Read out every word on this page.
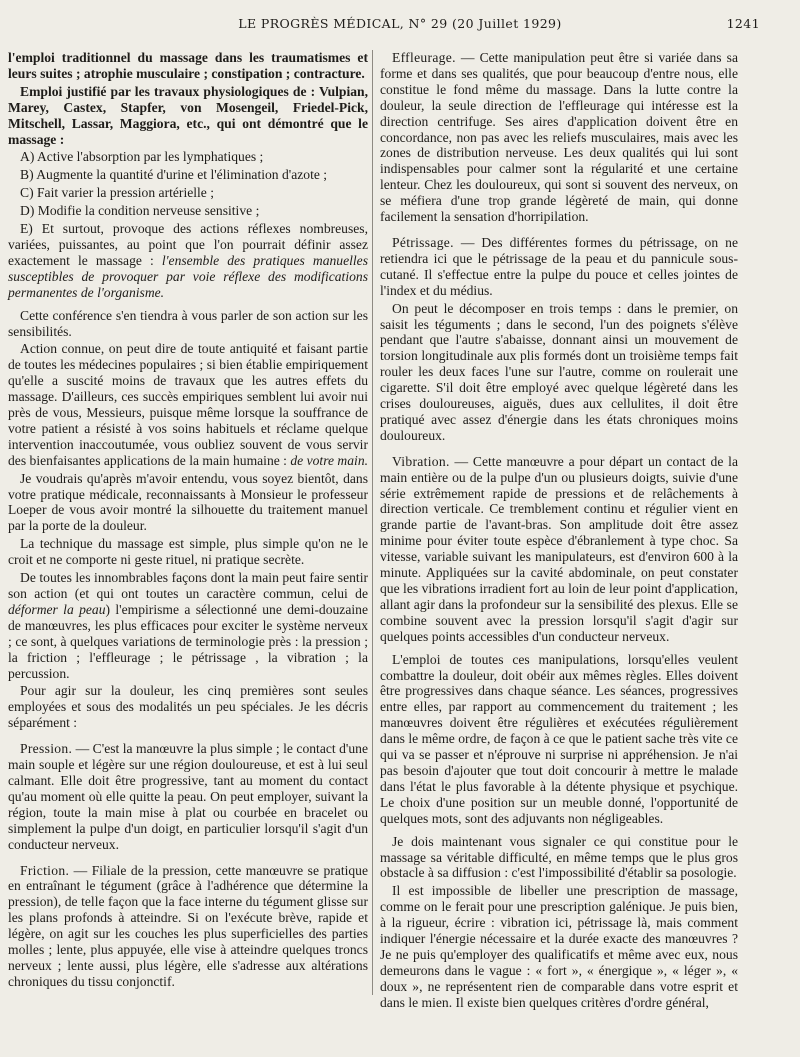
LE PROGRÈS MÉDICAL, N° 29 (20 Juillet 1929)	1241

l'emploi traditionnel du massage dans les traumatismes et leurs suites ; atrophie musculaire ; constipation ; contracture.

Emploi justifié par les travaux physiologiques de : Vulpian, Marey, Castex, Stapfer, von Mosengeil, Friedel-Pick, Mitschell, Lassar, Maggiora, etc., qui ont démontré que le massage :

A) Active l'absorption par les lymphatiques ;

B) Augmente la quantité d'urine et l'élimination d'azote ;

C) Fait varier la pression artérielle ;

D) Modifie la condition nerveuse sensitive ;

E) Et surtout, provoque des actions réflexes nombreuses, variées, puissantes, au point que l'on pourrait définir assez exactement le massage : l'ensemble des pratiques manuelles susceptibles de provoquer par voie réflexe des modifications permanentes de l'organisme.

Cette conférence s'en tiendra à vous parler de son action sur les sensibilités.

Action connue, on peut dire de toute antiquité et faisant partie de toutes les médecines populaires ; si bien établie empiriquement qu'elle a suscité moins de travaux que les autres effets du massage. D'ailleurs, ces succès empiriques semblent lui avoir nui près de vous, Messieurs, puisque même lorsque la souffrance de votre patient a résisté à vos soins habituels et réclame quelque intervention inaccoutumée, vous oubliez souvent de vous servir des bienfaisantes applications de la main humaine : de votre main.

Je voudrais qu'après m'avoir entendu, vous soyez bientôt, dans votre pratique médicale, reconnaissants à Monsieur le professeur Loeper de vous avoir montré la silhouette du traitement manuel par la porte de la douleur.

La technique du massage est simple, plus simple qu'on ne le croit et ne comporte ni geste rituel, ni pratique secrète.

De toutes les innombrables façons dont la main peut faire sentir son action (et qui ont toutes un caractère commun, celui de déformer la peau) l'empirisme a sélectionné une demi-douzaine de manœuvres, les plus efficaces pour exciter le système nerveux ; ce sont, à quelques variations de terminologie près : la pression ; la friction ; l'effleurage ; le pétrissage , la vibration ; la percussion.

Pour agir sur la douleur, les cinq premières sont seules employées et sous des modalités un peu spéciales. Je les décris séparément :

Pression. — C'est la manœuvre la plus simple ; le contact d'une main souple et légère sur une région douloureuse, et est à lui seul calmant. Elle doit être progressive, tant au moment du contact qu'au moment où elle quitte la peau. On peut employer, suivant la région, toute la main mise à plat ou courbée en bracelet ou simplement la pulpe d'un doigt, en particulier lorsqu'il s'agit d'un conducteur nerveux.

Friction. — Filiale de la pression, cette manœuvre se pratique en entraînant le tégument (grâce à l'adhérence que détermine la pression), de telle façon que la face interne du tégument glisse sur les plans profonds à atteindre. Si on l'exécute brève, rapide et légère, on agit sur les couches les plus superficielles des parties molles ; lente, plus appuyée, elle vise à atteindre quelques troncs nerveux ; lente aussi, plus légère, elle s'adresse aux altérations chroniques du tissu conjonctif.

Effleurage. — Cette manipulation peut être si variée dans sa forme et dans ses qualités, que pour beaucoup d'entre nous, elle constitue le fond même du massage. Dans la lutte contre la douleur, la seule direction de l'effleurage qui intéresse est la direction centrifuge. Ses aires d'application doivent être en concordance, non pas avec les reliefs musculaires, mais avec les zones de distribution nerveuse. Les deux qualités qui lui sont indispensables pour calmer sont la régularité et une certaine lenteur. Chez les douloureux, qui sont si souvent des nerveux, on se méfiera d'une trop grande légèreté de main, qui donne facilement la sensation d'horripilation.

Pétrissage. — Des différentes formes du pétrissage, on ne retiendra ici que le pétrissage de la peau et du pannicule sous-cutané. Il s'effectue entre la pulpe du pouce et celles jointes de l'index et du médius.

On peut le décomposer en trois temps : dans le premier, on saisit les téguments ; dans le second, l'un des poignets s'élève pendant que l'autre s'abaisse, donnant ainsi un mouvement de torsion longitudinale aux plis formés dont un troisième temps fait rouler les deux faces l'une sur l'autre, comme on roulerait une cigarette. S'il doit être employé avec quelque légèreté dans les crises douloureuses, aiguës, dues aux cellulites, il doit être pratiqué avec assez d'énergie dans les états chroniques moins douloureux.

Vibration. — Cette manœuvre a pour départ un contact de la main entière ou de la pulpe d'un ou plusieurs doigts, suivie d'une série extrêmement rapide de pressions et de relâchements à direction verticale. Ce tremblement continu et régulier vient en grande partie de l'avant-bras. Son amplitude doit être assez minime pour éviter toute espèce d'ébranlement à type choc. Sa vitesse, variable suivant les manipulateurs, est d'environ 600 à la minute. Appliquées sur la cavité abdominale, on peut constater que les vibrations irradient fort au loin de leur point d'application, allant agir dans la profondeur sur la sensibilité des plexus. Elle se combine souvent avec la pression lorsqu'il s'agit d'agir sur quelques points accessibles d'un conducteur nerveux.

L'emploi de toutes ces manipulations, lorsqu'elles veulent combattre la douleur, doit obéir aux mêmes règles. Elles doivent être progressives dans chaque séance. Les séances, progressives entre elles, par rapport au commencement du traitement ; les manœuvres doivent être régulières et exécutées régulièrement dans le même ordre, de façon à ce que le patient sache très vite ce qui va se passer et n'éprouve ni surprise ni appréhension. Je n'ai pas besoin d'ajouter que tout doit concourir à mettre le malade dans l'état le plus favorable à la détente physique et psychique. Le choix d'une position sur un meuble donné, l'opportunité de quelques mots, sont des adjuvants non négligeables.

Je dois maintenant vous signaler ce qui constitue pour le massage sa véritable difficulté, en même temps que le plus gros obstacle à sa diffusion : c'est l'impossibilité d'établir sa posologie.

Il est impossible de libeller une prescription de massage, comme on le ferait pour une prescription galénique. Je puis bien, à la rigueur, écrire : vibration ici, pétrissage là, mais comment indiquer l'énergie nécessaire et la durée exacte des manœuvres ? Je ne puis qu'employer des qualificatifs et même avec eux, nous demeurons dans le vague : « fort », « énergique », « léger », « doux », ne représentent rien de comparable dans votre esprit et dans le mien. Il existe bien quelques critères d'ordre général,
